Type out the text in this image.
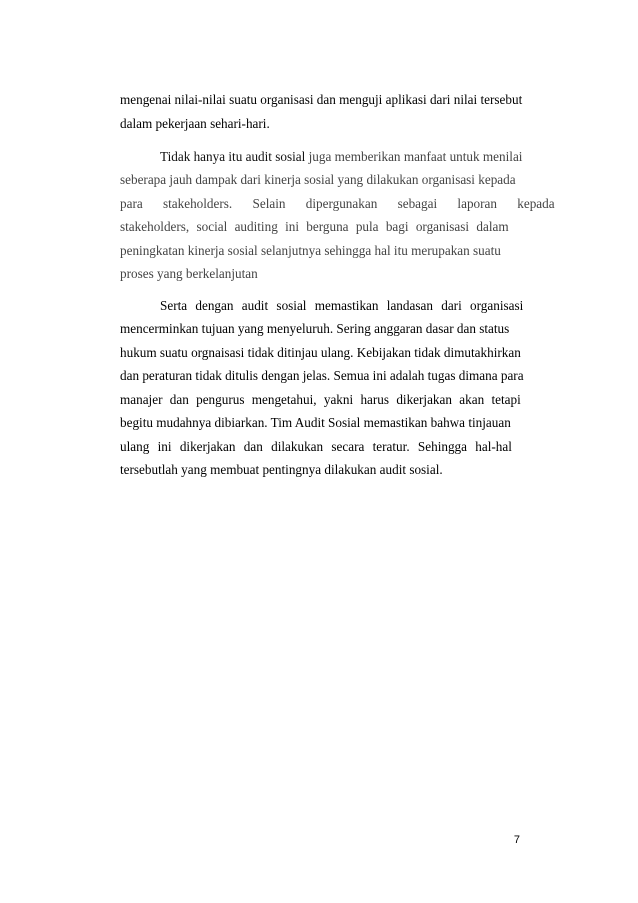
mengenai nilai-nilai suatu organisasi dan menguji aplikasi dari nilai tersebut
dalam pekerjaan sehari-hari.
Tidak hanya itu audit sosial juga memberikan manfaat untuk menilai
seberapa jauh dampak dari kinerja sosial yang dilakukan organisasi kepada
para stakeholders. Selain dipergunakan sebagai laporan kepada
stakeholders, social auditing ini berguna pula bagi organisasi dalam
peningkatan kinerja sosial selanjutnya sehingga hal itu merupakan suatu
proses yang berkelanjutan
Serta dengan audit sosial memastikan landasan dari organisasi
mencerminkan tujuan yang menyeluruh. Sering anggaran dasar dan status
hukum suatu orgnaisasi tidak ditinjau ulang. Kebijakan tidak dimutakhirkan
dan peraturan tidak ditulis dengan jelas. Semua ini adalah tugas dimana para
manajer dan pengurus mengetahui, yakni harus dikerjakan akan tetapi
begitu mudahnya dibiarkan. Tim Audit Sosial memastikan bahwa tinjauan
ulang ini dikerjakan dan dilakukan secara teratur. Sehingga hal-hal
tersebutlah yang membuat pentingnya dilakukan audit sosial.
7
